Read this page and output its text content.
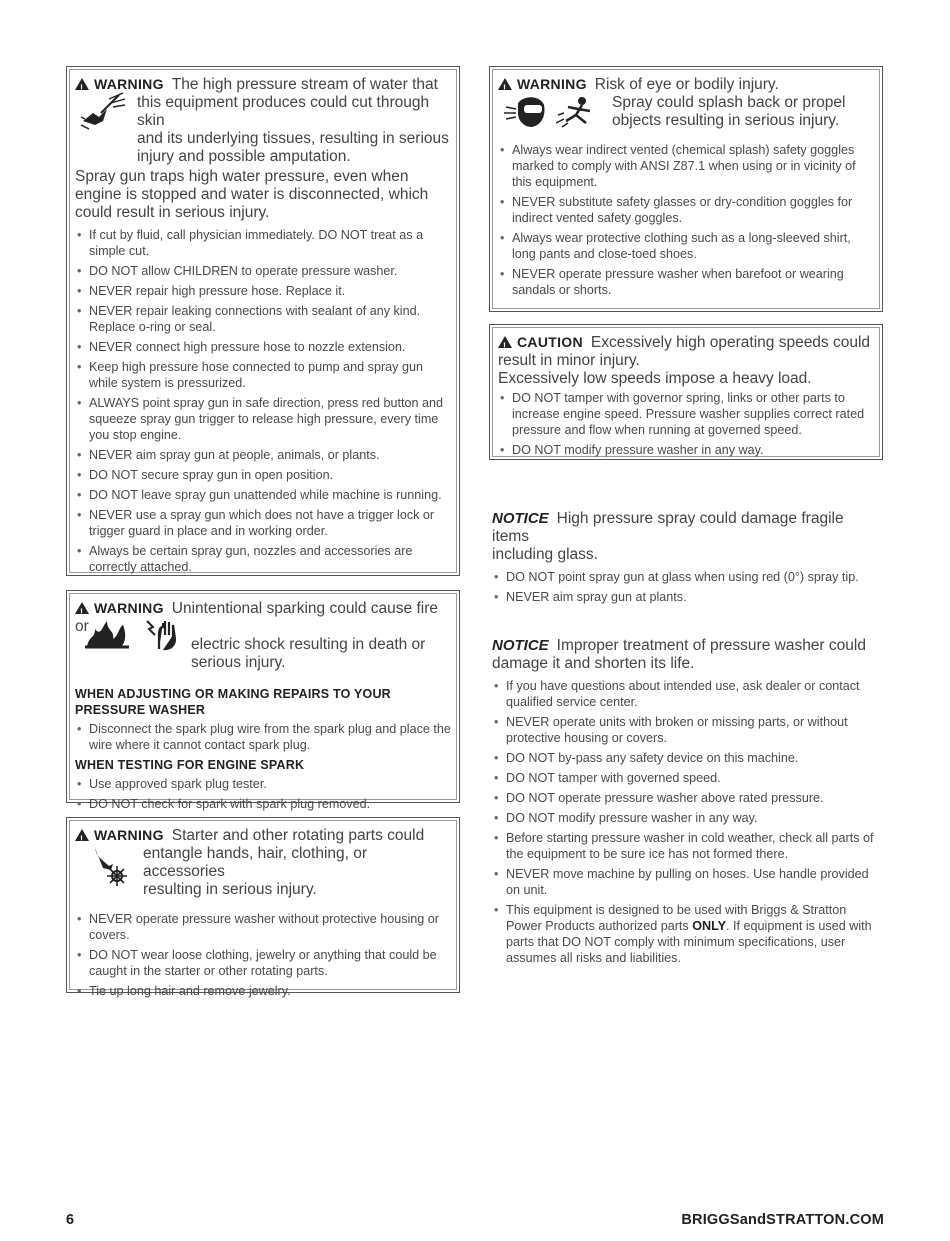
!WARNING The high pressure stream of water that
this equipment produces could cut through skin
and its underlying tissues, resulting in serious
injury and possible amputation.
Spray gun traps high water pressure, even when engine is stopped and water is disconnected, which could result in serious injury.
• If cut by fluid, call physician immediately. DO NOT treat as a simple cut.
• DO NOT allow CHILDREN to operate pressure washer.
• NEVER repair high pressure hose. Replace it.
• NEVER repair leaking connections with sealant of any kind. Replace o-ring or seal.
• NEVER connect high pressure hose to nozzle extension.
• Keep high pressure hose connected to pump and spray gun while system is pressurized.
• ALWAYS point spray gun in safe direction, press red button and squeeze spray gun trigger to release high pressure, every time you stop engine.
• NEVER aim spray gun at people, animals, or plants.
• DO NOT secure spray gun in open position.
• DO NOT leave spray gun unattended while machine is running.
• NEVER use a spray gun which does not have a trigger lock or trigger guard in place and in working order.
• Always be certain spray gun, nozzles and accessories are correctly attached.
!WARNING Unintentional sparking could cause fire or
electric shock resulting in death or
serious injury.
WHEN ADJUSTING OR MAKING REPAIRS TO YOUR PRESSURE WASHER
• Disconnect the spark plug wire from the spark plug and place the wire where it cannot contact spark plug.
WHEN TESTING FOR ENGINE SPARK
• Use approved spark plug tester.
• DO NOT check for spark with spark plug removed.
!WARNING Starter and other rotating parts could
entangle hands, hair, clothing, or accessories
resulting in serious injury.
• NEVER operate pressure washer without protective housing or covers.
• DO NOT wear loose clothing, jewelry or anything that could be caught in the starter or other rotating parts.
• Tie up long hair and remove jewelry.
!WARNING Risk of eye or bodily injury.
Spray could splash back or propel
objects resulting in serious injury.
• Always wear indirect vented (chemical splash) safety goggles marked to comply with ANSI Z87.1 when using or in vicinity of this equipment.
• NEVER substitute safety glasses or dry-condition goggles for indirect vented safety goggles.
• Always wear protective clothing such as a long-sleeved shirt, long pants and close-toed shoes.
• NEVER operate pressure washer when barefoot or wearing sandals or shorts.
!CAUTION Excessively high operating speeds could
result in minor injury.
Excessively low speeds impose a heavy load.
• DO NOT tamper with governor spring, links or other parts to increase engine speed. Pressure washer supplies correct rated pressure and flow when running at governed speed.
• DO NOT modify pressure washer in any way.
NOTICE High pressure spray could damage fragile items
including glass.
• DO NOT point spray gun at glass when using red (0°) spray tip.
• NEVER aim spray gun at plants.
NOTICE Improper treatment of pressure washer could
damage it and shorten its life.
• If you have questions about intended use, ask dealer or contact qualified service center.
• NEVER operate units with broken or missing parts, or without protective housing or covers.
• DO NOT by-pass any safety device on this machine.
• DO NOT tamper with governed speed.
• DO NOT operate pressure washer above rated pressure.
• DO NOT modify pressure washer in any way.
• Before starting pressure washer in cold weather, check all parts of the equipment to be sure ice has not formed there.
• NEVER move machine by pulling on hoses. Use handle provided on unit.
• This equipment is designed to be used with Briggs & Stratton Power Products authorized parts ONLY. If equipment is used with parts that DO NOT comply with minimum specifications, user assumes all risks and liabilities.
6	BRIGGSandSTRATTON.COM
